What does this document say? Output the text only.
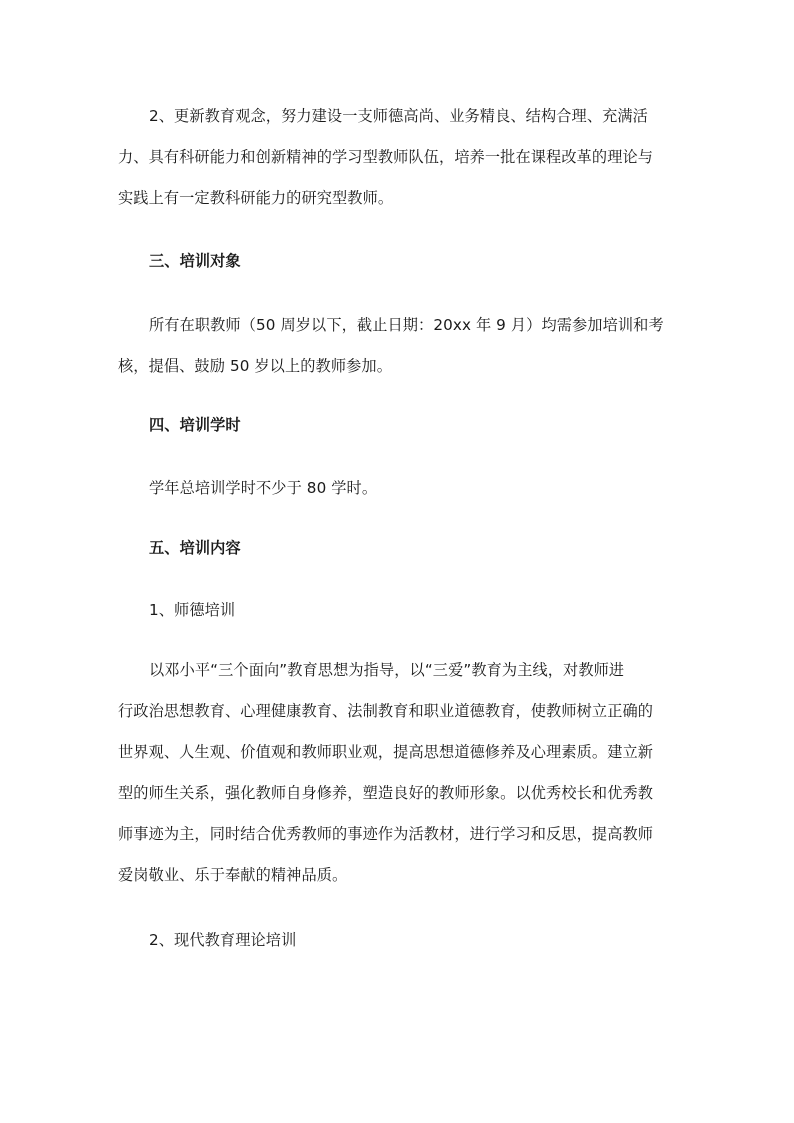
2、更新教育观念，努力建设一支师德高尚、业务精良、结构合理、充满活
力、具有科研能力和创新精神的学习型教师队伍，培养一批在课程改革的理论与
实践上有一定教科研能力的研究型教师。

三、培训对象

所有在职教师（50 周岁以下，截止日期：20xx 年 9 月）均需参加培训和考
核，提倡、鼓励 50 岁以上的教师参加。

四、培训学时

学年总培训学时不少于 80 学时。

五、培训内容

1、师德培训

以邓小平“三个面向”教育思想为指导，以“三爱”教育为主线，对教师进
行政治思想教育、心理健康教育、法制教育和职业道德教育，使教师树立正确的
世界观、人生观、价值观和教师职业观，提高思想道德修养及心理素质。建立新
型的师生关系，强化教师自身修养，塑造良好的教师形象。以优秀校长和优秀教
师事迹为主，同时结合优秀教师的事迹作为活教材，进行学习和反思，提高教师
爱岗敬业、乐于奉献的精神品质。

2、现代教育理论培训
